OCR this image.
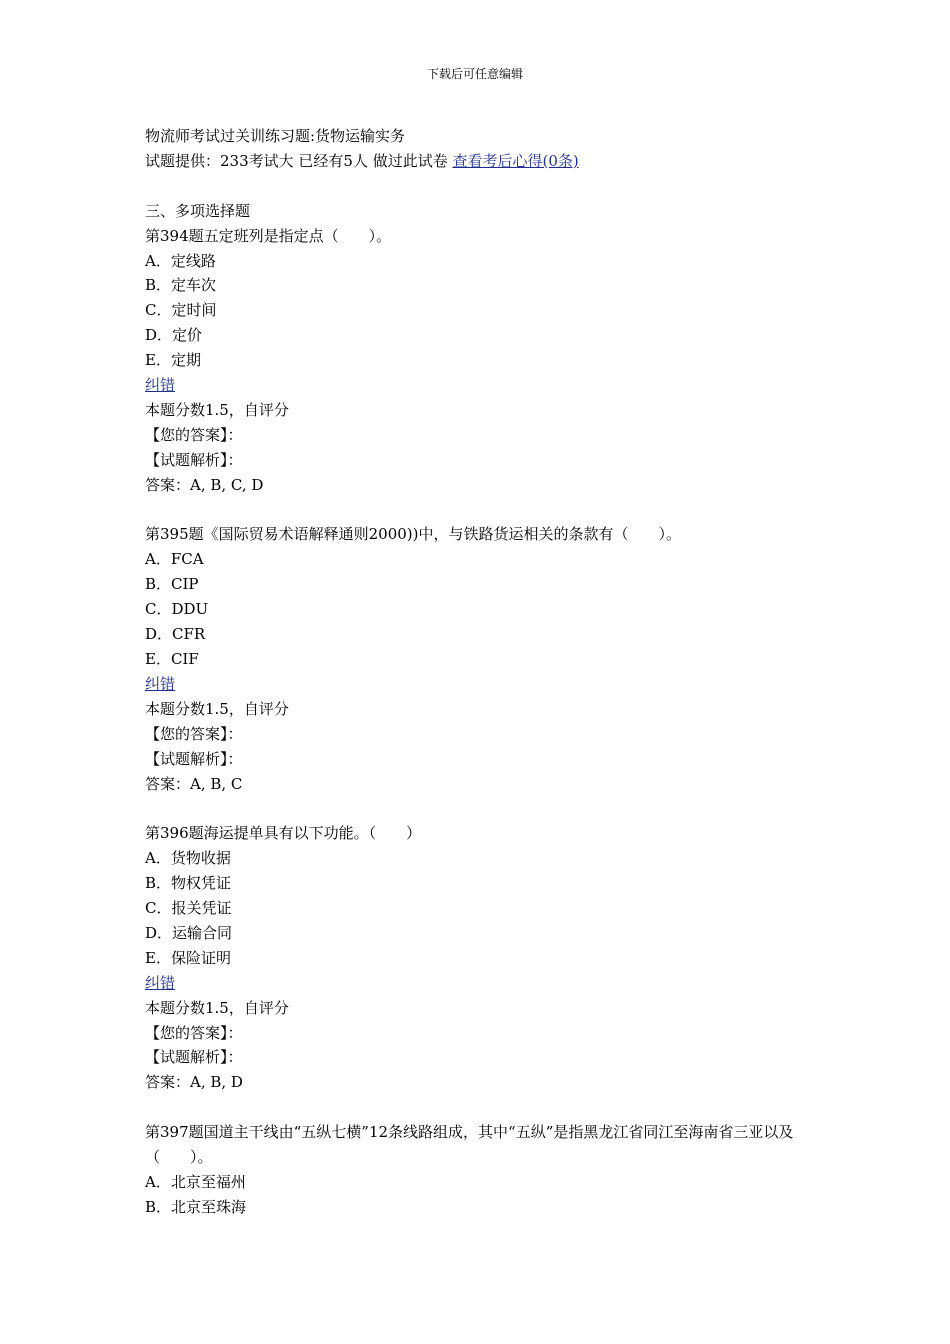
下载后可任意编辑
物流师考试过关训练习题:货物运输实务
试题提供：233考试大 已经有5人 做过此试卷 查看考后心得(0条)
三、多项选择题
第394题五定班列是指定点（　　）。
A．定线路
B．定车次
C．定时间
D．定价
E．定期
纠错
本题分数1.5，自评分
【您的答案】：
【试题解析】：
答案：A, B, C, D
第395题《国际贸易术语解释通则2000))中，与铁路货运相关的条款有（　　）。
A．FCA
B．CIP
C．DDU
D．CFR
E．CIF
纠错
本题分数1.5，自评分
【您的答案】：
【试题解析】：
答案：A, B, C
第396题海运提单具有以下功能。（　　）
A．货物收据
B．物权凭证
C．报关凭证
D．运输合同
E．保险证明
纠错
本题分数1.5，自评分
【您的答案】：
【试题解析】：
答案：A, B, D
第397题国道主干线由“五纵七横”12条线路组成，其中“五纵”是指黑龙江省同江至海南省三亚以及（　　）。
A．北京至福州
B．北京至珠海
